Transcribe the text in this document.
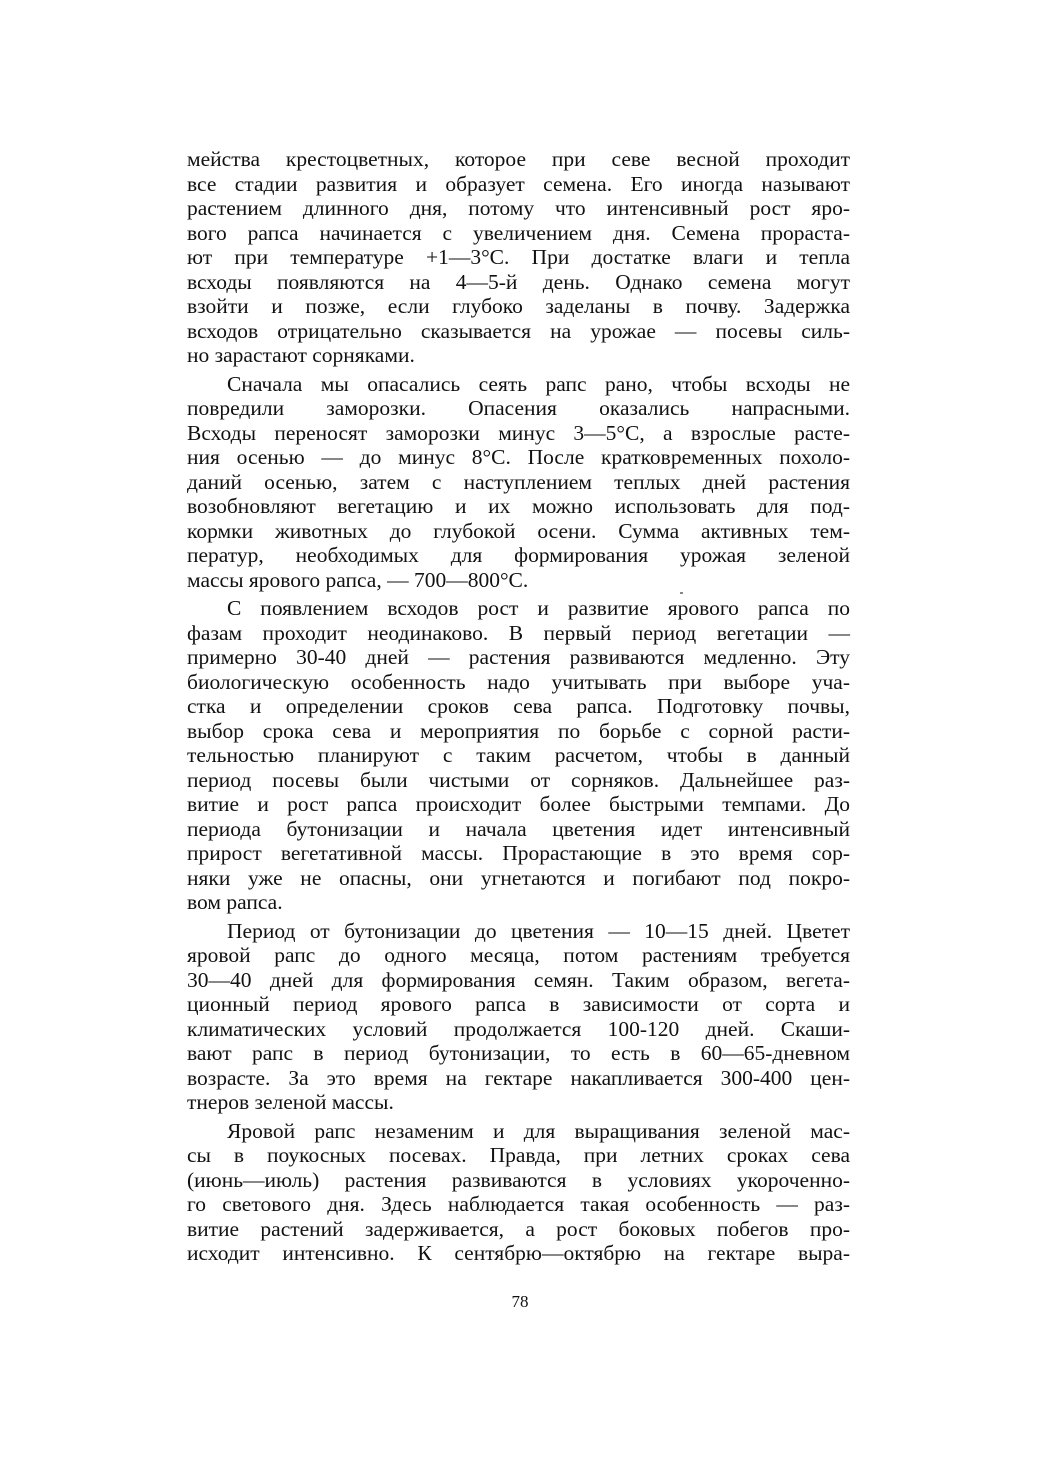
мейства крестоцветных, которое при севе весной проходит
все стадии развития и образует семена. Его иногда называют
растением длинного дня, потому что интенсивный рост яро-
вого рапса начинается с увеличением дня. Семена прораста-
ют при температуре +1—3°С. При достатке влаги и тепла
всходы появляются на 4—5-й день. Однако семена могут
взойти и позже, если глубоко заделаны в почву. Задержка
всходов отрицательно сказывается на урожае — посевы силь-
но зарастают сорняками.

Сначала мы опасались сеять рапс рано, чтобы всходы не
повредили заморозки. Опасения оказались напрасными.
Всходы переносят заморозки минус 3—5°С, а взрослые расте-
ния осенью — до минус 8°С. После кратковременных похоло-
даний осенью, затем с наступлением теплых дней растения
возобновляют вегетацию и их можно использовать для под-
кормки животных до глубокой осени. Сумма активных тем-
ператур, необходимых для формирования урожая зеленой
массы ярового рапса, — 700—800°С.

С появлением всходов рост и развитие ярового рапса по
фазам проходит неодинаково. В первый период вегетации —
примерно 30-40 дней — растения развиваются медленно. Эту
биологическую особенность надо учитывать при выборе уча-
стка и определении сроков сева рапса. Подготовку почвы,
выбор срока сева и мероприятия по борьбе с сорной расти-
тельностью планируют с таким расчетом, чтобы в данный
период посевы были чистыми от сорняков. Дальнейшее раз-
витие и рост рапса происходит более быстрыми темпами. До
периода бутонизации и начала цветения идет интенсивный
прирост вегетативной массы. Прорастающие в это время сор-
няки уже не опасны, они угнетаются и погибают под покро-
вом рапса.

Период от бутонизации до цветения — 10—15 дней. Цветет
яровой рапс до одного месяца, потом растениям требуется
30—40 дней для формирования семян. Таким образом, вегета-
ционный период ярового рапса в зависимости от сорта и
климатических условий продолжается 100-120 дней. Скаши-
вают рапс в период бутонизации, то есть в 60—65-дневном
возрасте. За это время на гектаре накапливается 300-400 цен-
тнеров зеленой массы.

Яровой рапс незаменим и для выращивания зеленой мас-
сы в поукосных посевах. Правда, при летних сроках сева
(июнь—июль) растения развиваются в условиях укороченно-
го светового дня. Здесь наблюдается такая особенность — раз-
витие растений задерживается, а рост боковых побегов про-
исходит интенсивно. К сентябрю—октябрю на гектаре выра-

78
